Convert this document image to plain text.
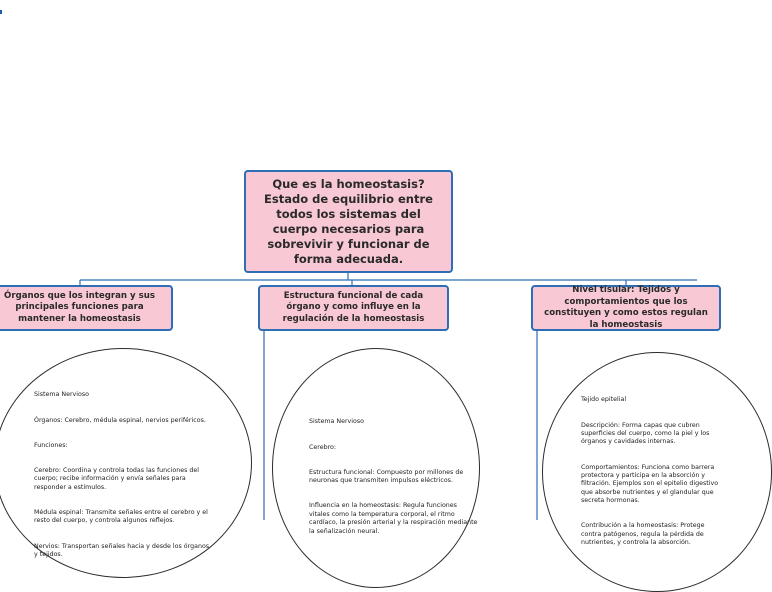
Que es la homeostasis? Estado de equilibrio entre todos los sistemas del cuerpo necesarios para sobrevivir y funcionar de forma adecuada.
Órganos que los integran y sus principales funciones para mantener la homeostasis
Estructura funcional de cada órgano y como influye en la regulación de la homeostasis
Nivel tisular: Tejidos y comportamientos que los constituyen y como estos regulan la homeostasis

Sistema Nervioso

Órganos: Cerebro, médula espinal, nervios periféricos.

Funciones:

Cerebro: Coordina y controla todas las funciones del cuerpo; recibe información y envía señales para responder a estímulos.

Médula espinal: Transmite señales entre el cerebro y el resto del cuerpo, y controla algunos reflejos.

Nervios: Transportan señales hacia y desde los órganos y tejidos.

Sistema Nervioso

Cerebro:

Estructura funcional: Compuesto por millones de neuronas que transmiten impulsos eléctricos.

Influencia en la homeostasis: Regula funciones vitales como la temperatura corporal, el ritmo cardíaco, la presión arterial y la respiración mediante la señalización neural.

Tejido epitelial

Descripción: Forma capas que cubren superficies del cuerpo, como la piel y los órganos y cavidades internas.

Comportamientos: Funciona como barrera protectora y participa en la absorción y filtración. Ejemplos son el epitelio digestivo que absorbe nutrientes y el glandular que secreta hormonas.

Contribución a la homeostasis: Protege contra patógenos, regula la pérdida de nutrientes, y controla la absorción.
